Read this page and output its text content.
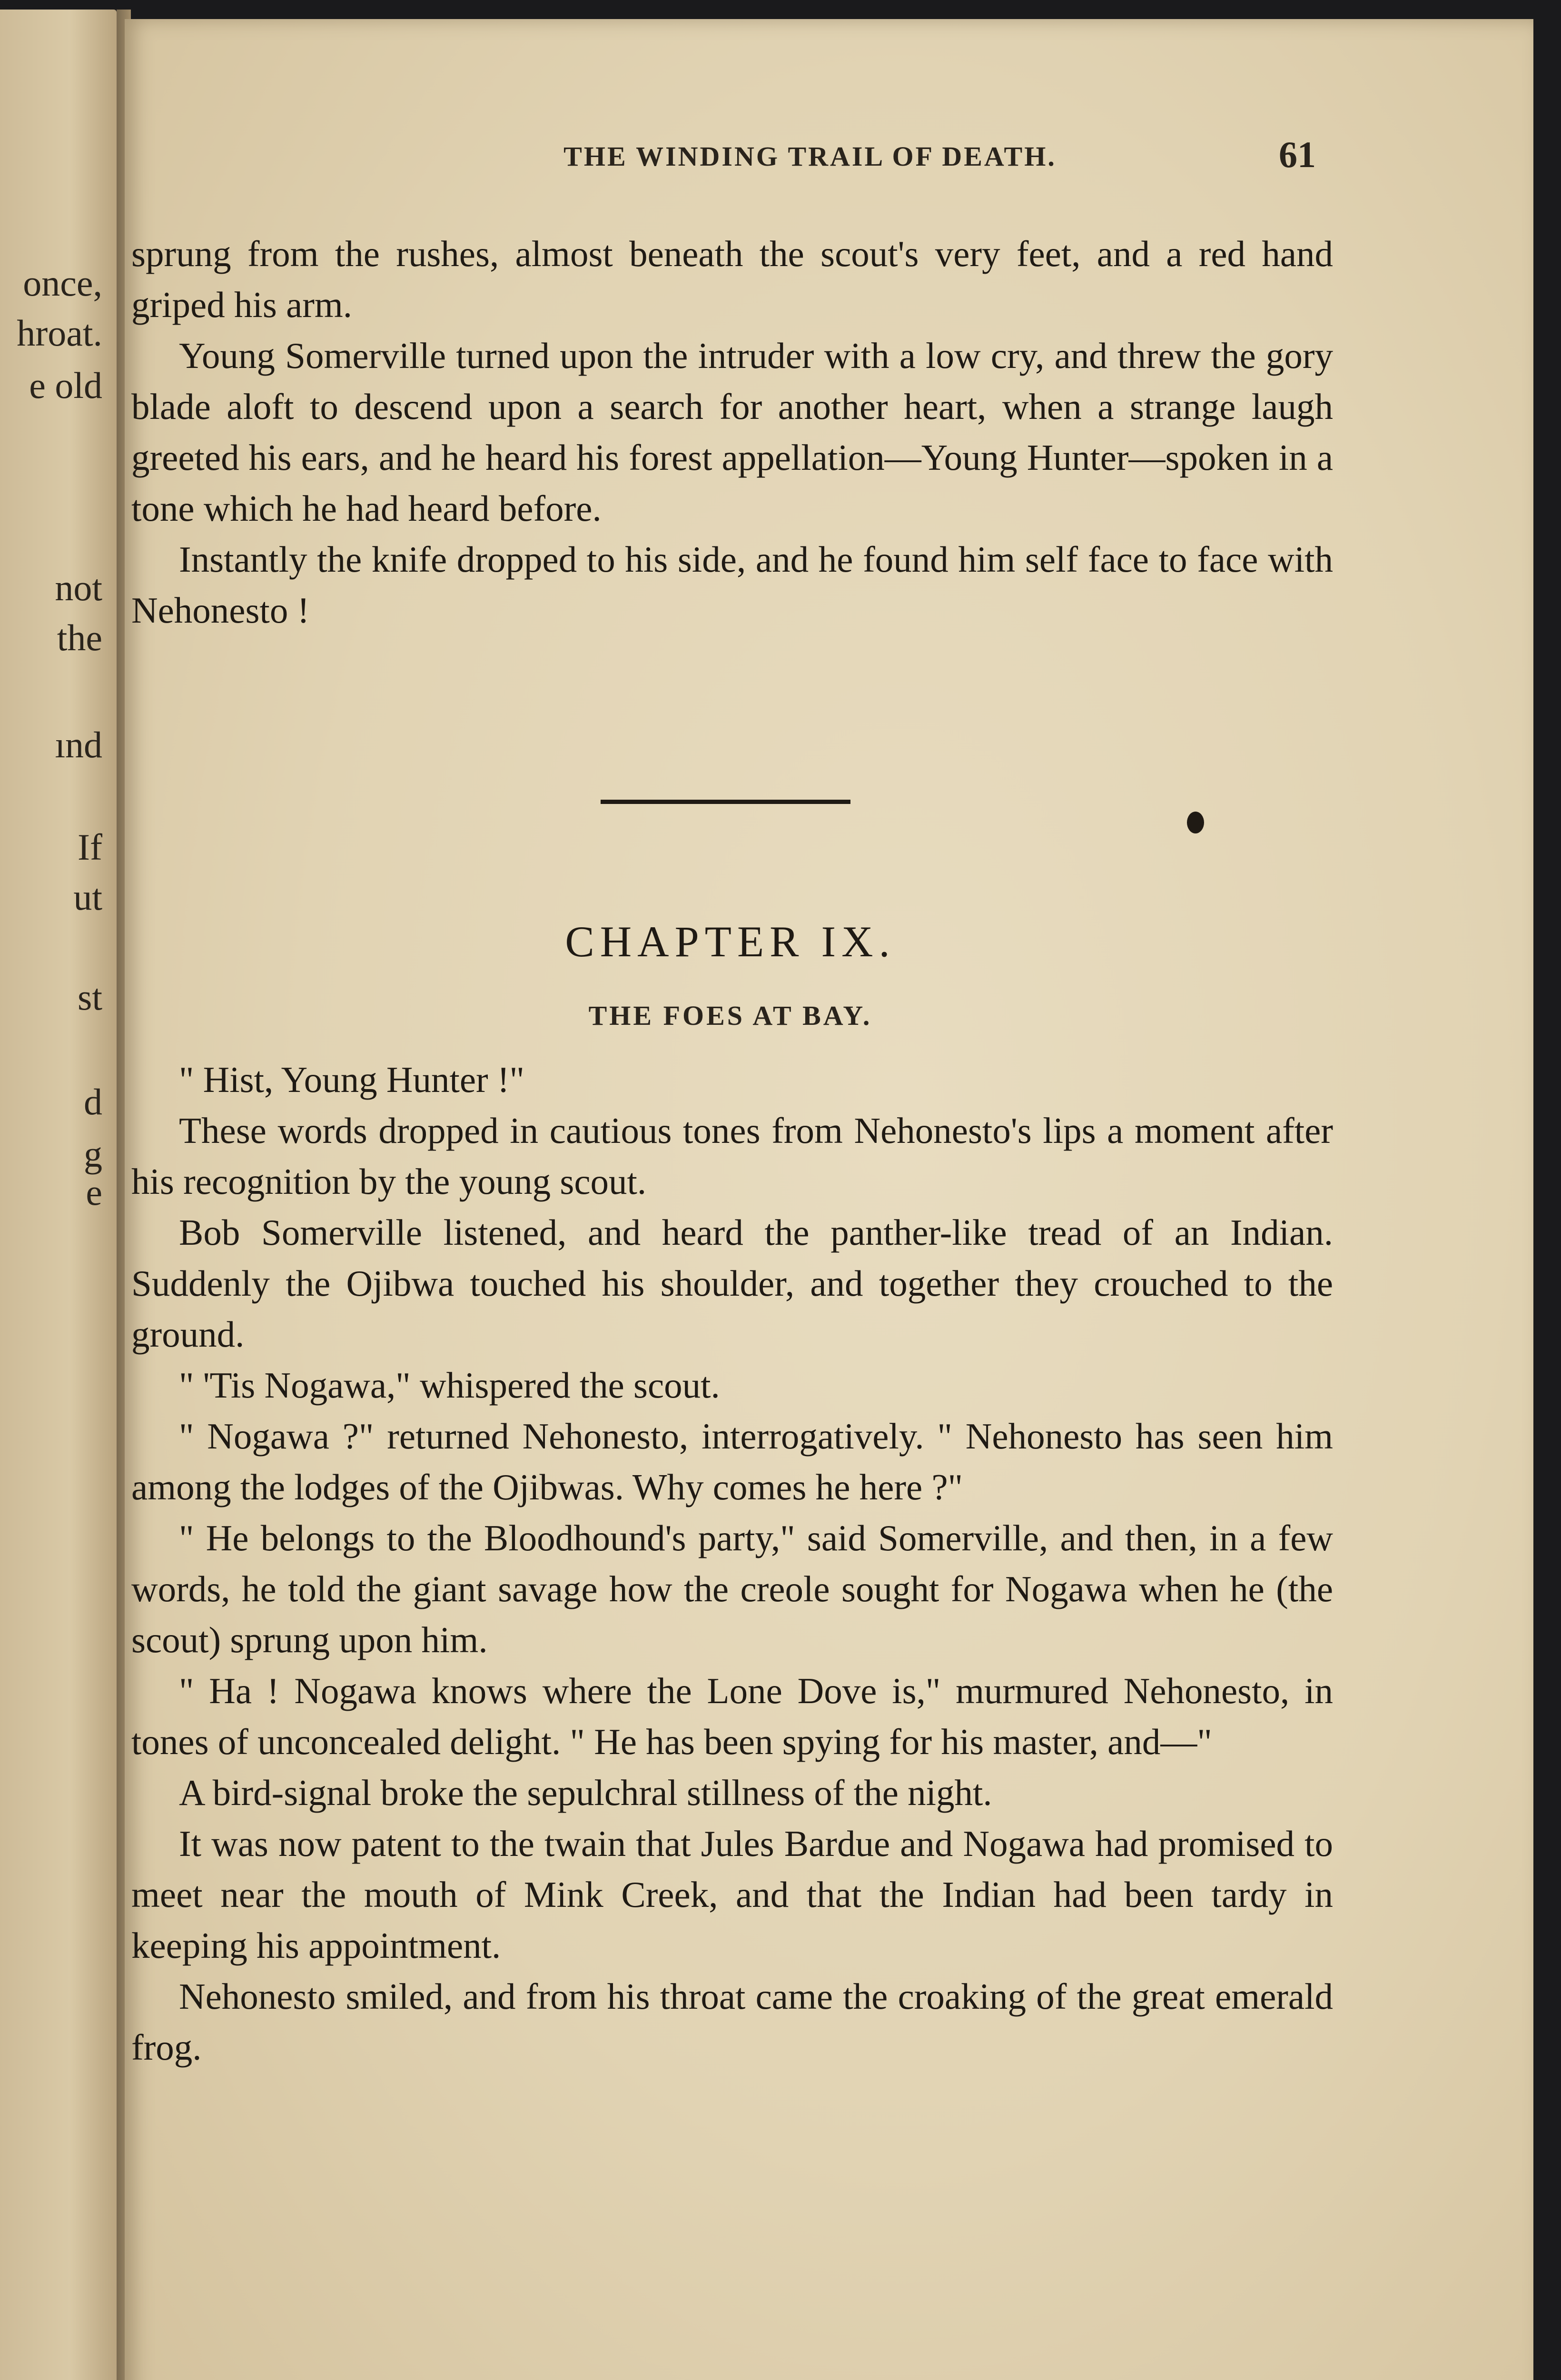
once,
hroat.
e old
not
the
ınd
If
ut
st
d
g
e
THE WINDING TRAIL OF DEATH.	61

sprung from the rushes, almost beneath the scout's very feet, and a red hand griped his arm.

Young Somerville turned upon the intruder with a low cry, and threw the gory blade aloft to descend upon a search for another heart, when a strange laugh greeted his ears, and he heard his forest appellation—Young Hunter—spoken in a tone which he had heard before.

Instantly the knife dropped to his side, and he found him self face to face with Nehonesto !

CHAPTER IX.
THE FOES AT BAY.

" Hist, Young Hunter !"

These words dropped in cautious tones from Nehonesto's lips a moment after his recognition by the young scout.

Bob Somerville listened, and heard the panther-like tread of an Indian. Suddenly the Ojibwa touched his shoulder, and together they crouched to the ground.

" 'Tis Nogawa," whispered the scout.

" Nogawa ?" returned Nehonesto, interrogatively. " Nehonesto has seen him among the lodges of the Ojibwas. Why comes he here ?"

" He belongs to the Bloodhound's party," said Somerville, and then, in a few words, he told the giant savage how the creole sought for Nogawa when he (the scout) sprung upon him.

" Ha ! Nogawa knows where the Lone Dove is," murmured Nehonesto, in tones of unconcealed delight. " He has been spying for his master, and—"

A bird-signal broke the sepulchral stillness of the night.

It was now patent to the twain that Jules Bardue and Nogawa had promised to meet near the mouth of Mink Creek, and that the Indian had been tardy in keeping his appointment.

Nehonesto smiled, and from his throat came the croaking of the great emerald frog.
